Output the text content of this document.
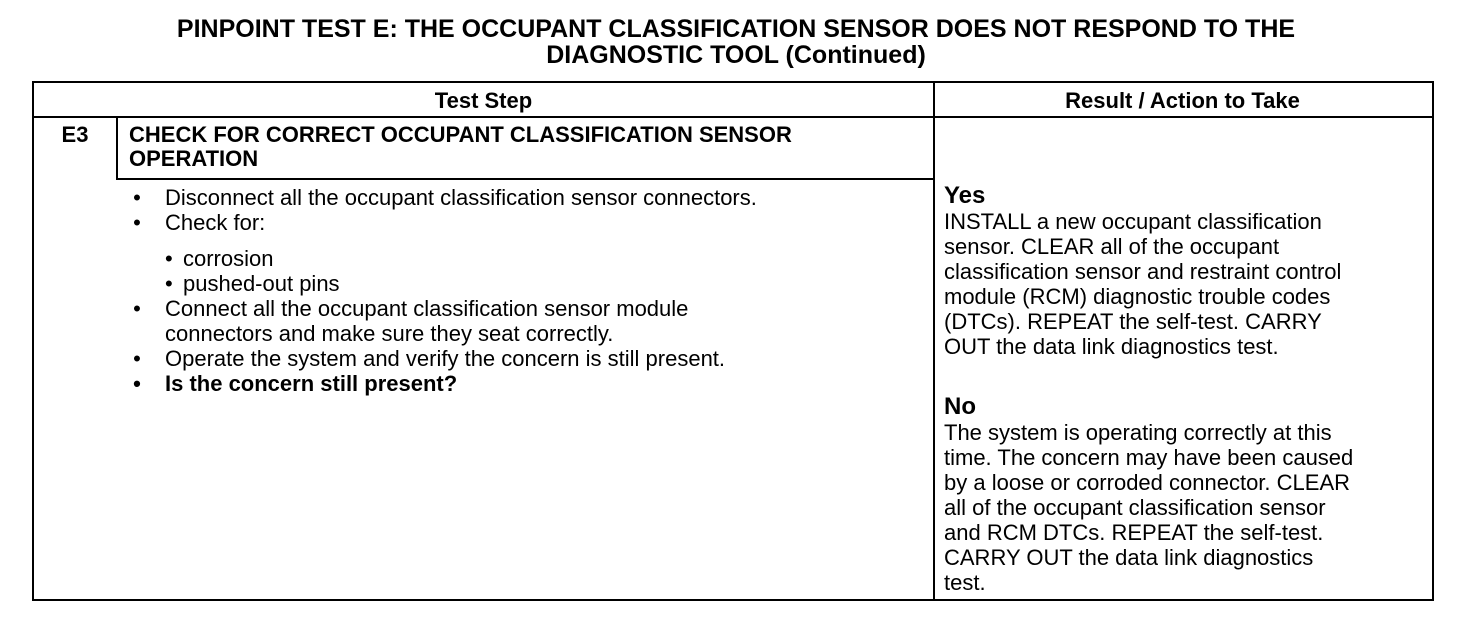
PINPOINT TEST E: THE OCCUPANT CLASSIFICATION SENSOR DOES NOT RESPOND TO THE
DIAGNOSTIC TOOL (Continued)
Test Step	Result / Action to Take
E3	CHECK FOR CORRECT OCCUPANT CLASSIFICATION SENSOR
OPERATION
• Disconnect all the occupant classification sensor connectors.
• Check for:
• corrosion
• pushed-out pins
• Connect all the occupant classification sensor module
connectors and make sure they seat correctly.
• Operate the system and verify the concern is still present.
• Is the concern still present?
Yes
INSTALL a new occupant classification
sensor. CLEAR all of the occupant
classification sensor and restraint control
module (RCM) diagnostic trouble codes
(DTCs). REPEAT the self-test. CARRY
OUT the data link diagnostics test.
No
The system is operating correctly at this
time. The concern may have been caused
by a loose or corroded connector. CLEAR
all of the occupant classification sensor
and RCM DTCs. REPEAT the self-test.
CARRY OUT the data link diagnostics
test.
